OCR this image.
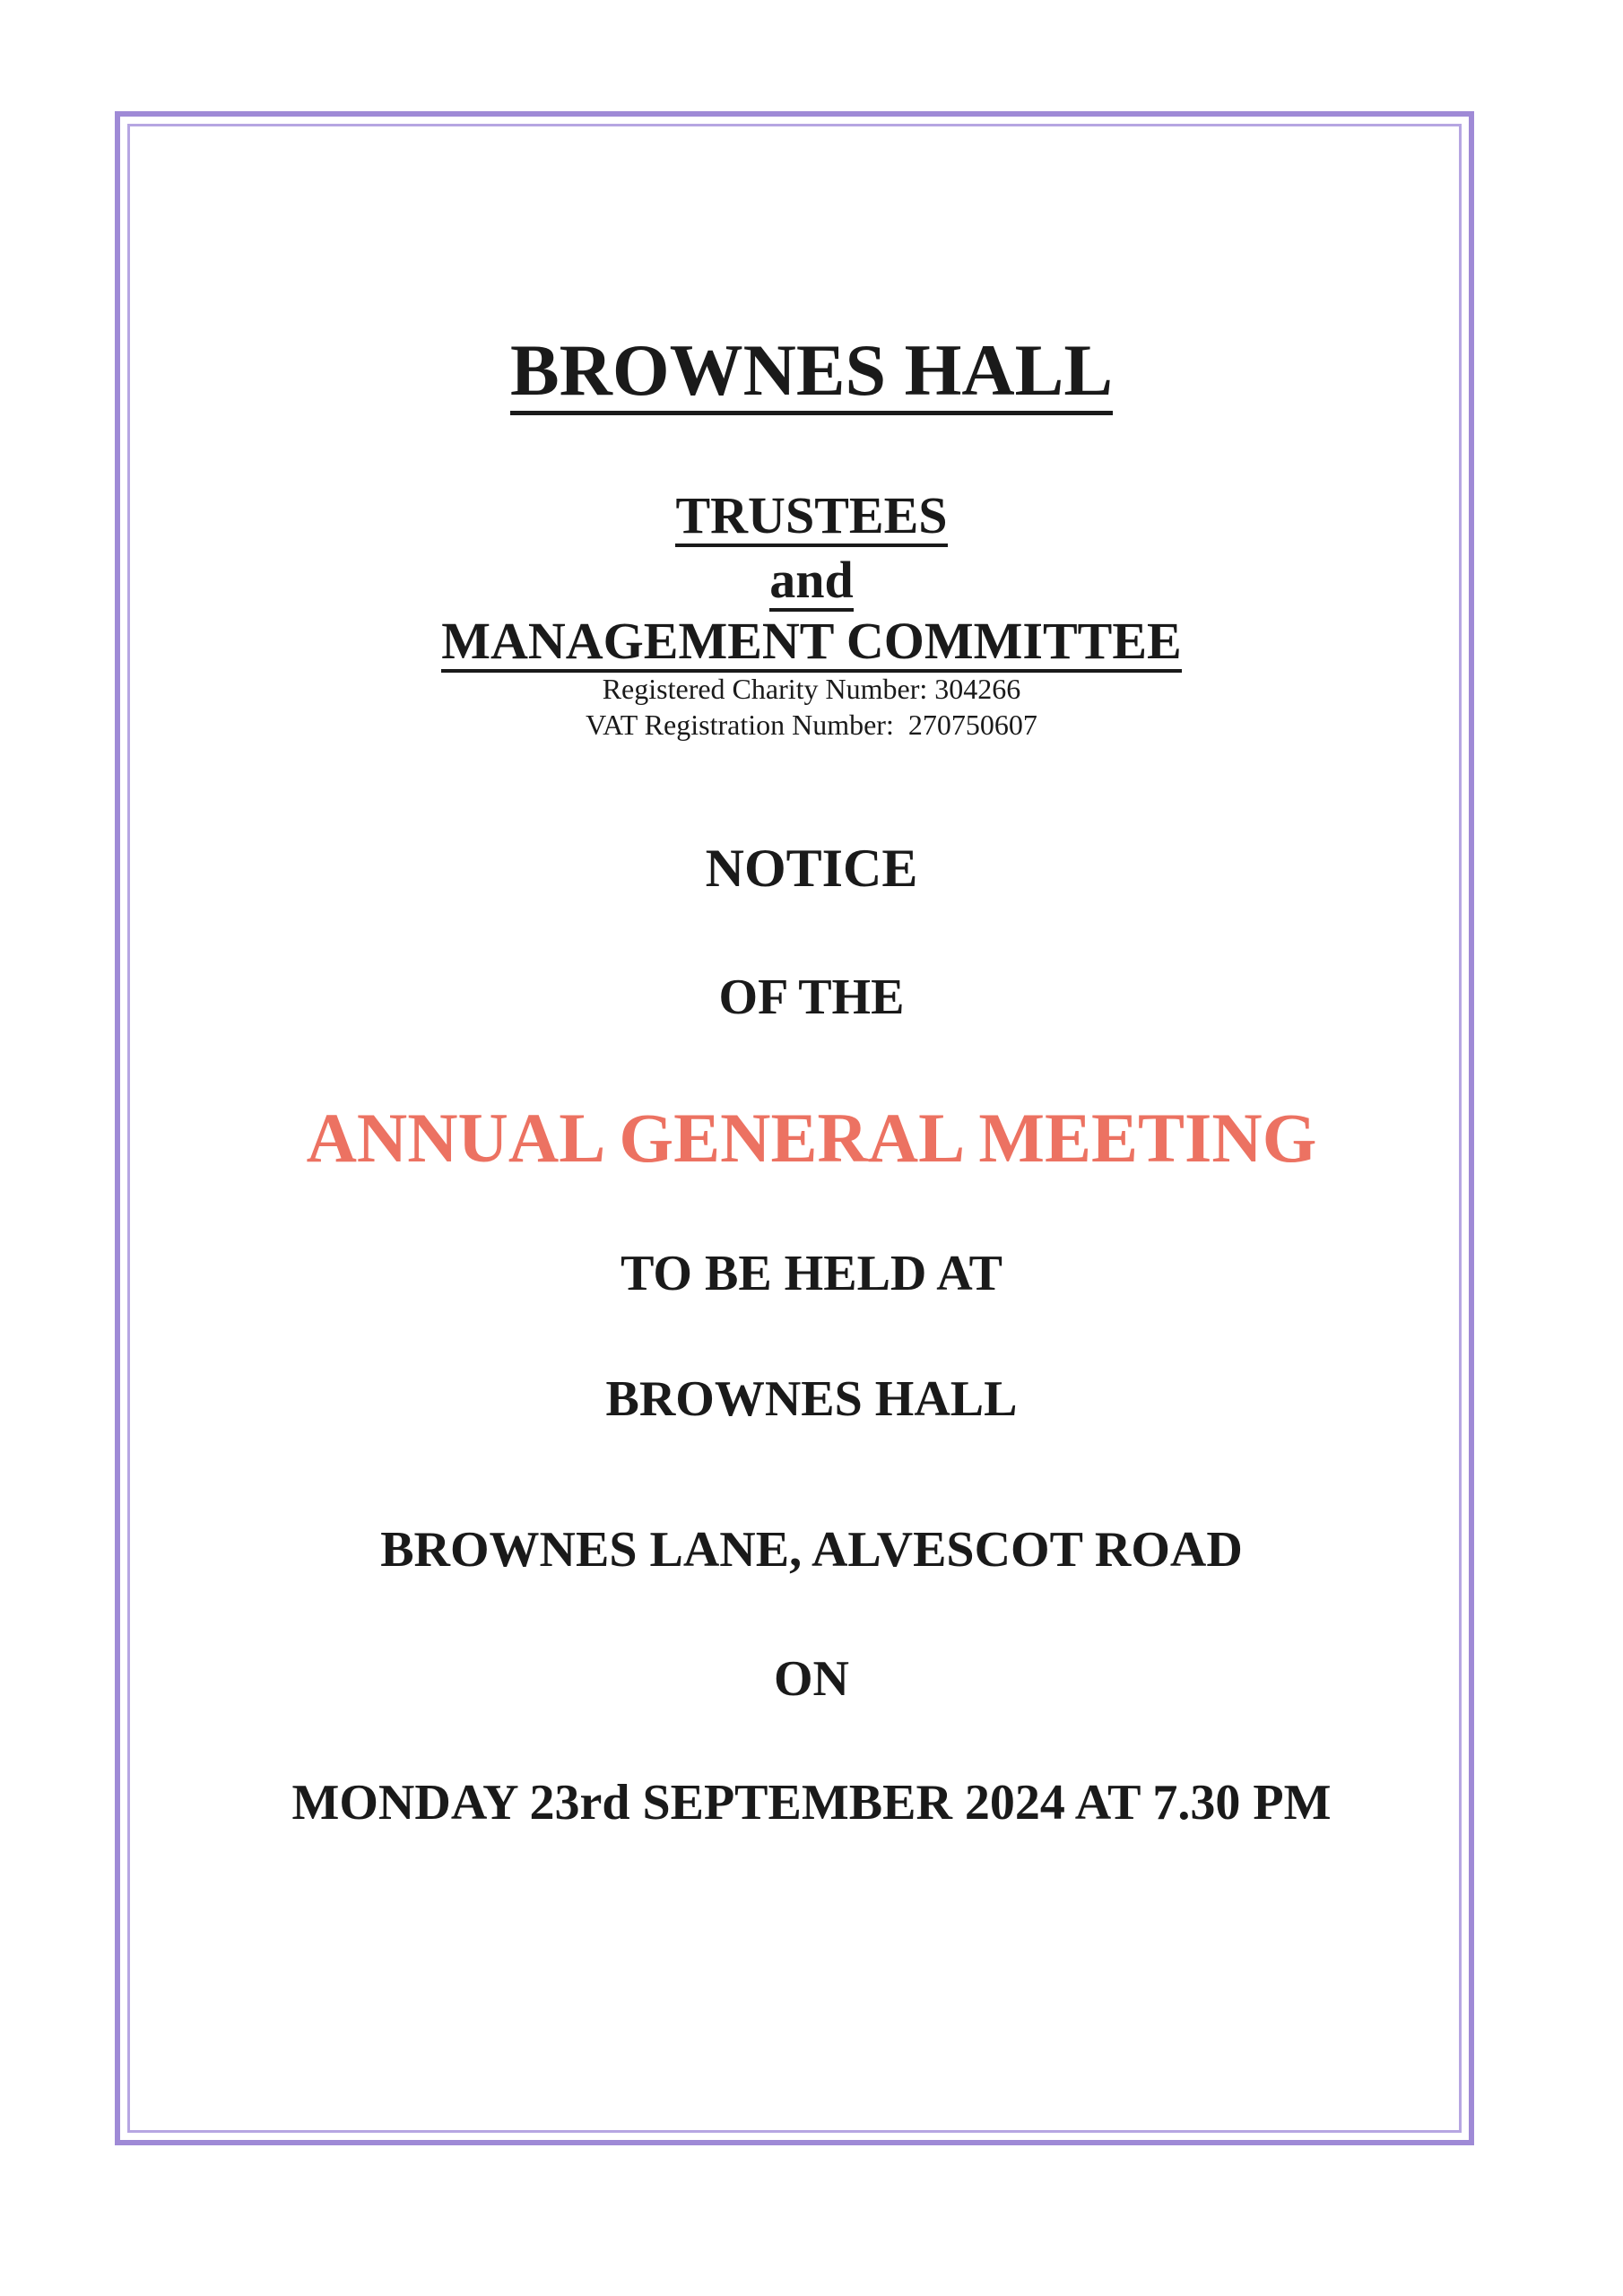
BROWNES HALL
TRUSTEES
and
MANAGEMENT COMMITTEE
Registered Charity Number: 304266
VAT Registration Number:  270750607
NOTICE
OF THE
ANNUAL GENERAL MEETING
TO BE HELD AT
BROWNES HALL
BROWNES LANE, ALVESCOT ROAD
ON
MONDAY 23rd SEPTEMBER 2024 AT 7.30 PM
